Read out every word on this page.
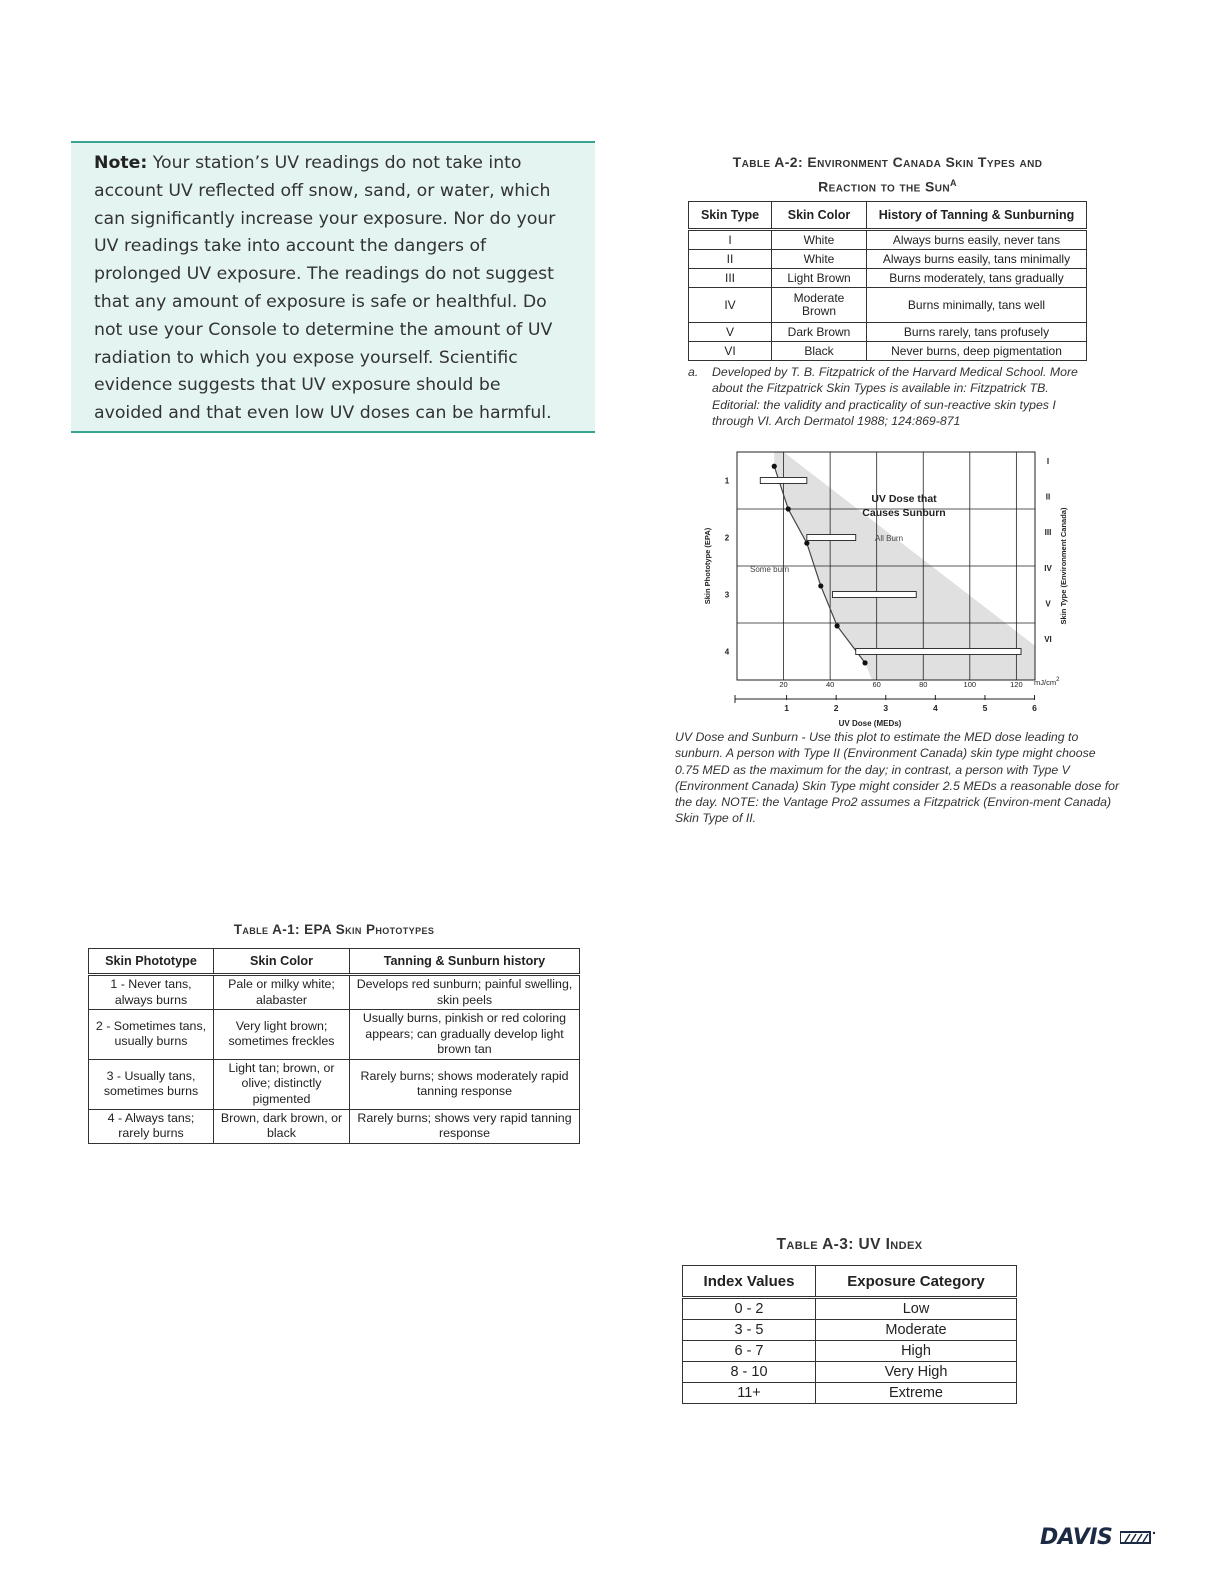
Note: Your station’s UV readings do not take into account UV reflected off snow, sand, or water, which can significantly increase your exposure. Nor do your UV readings take into account the dangers of prolonged UV exposure. The readings do not suggest that any amount of exposure is safe or healthful. Do not use your Console to determine the amount of UV radiation to which you expose yourself. Scientific evidence suggests that UV exposure should be avoided and that even low UV doses can be harmful.

Table A-2: Environment Canada Skin Types and
Reaction to the Sun$^A$
Skin Type	Skin Color	History of Tanning & Sunburning
I	White	Always burns easily, never tans
II	White	Always burns easily, tans minimally
III	Light Brown	Burns moderately, tans gradually
IV	Moderate Brown	Burns minimally, tans well
V	Dark Brown	Burns rarely, tans profusely
VI	Black	Never burns, deep pigmentation
a. Developed by T. B. Fitzpatrick of the Harvard Medical School. More about the Fitzpatrick Skin Types is available in: Fitzpatrick TB. Editorial: the validity and practicality of sun-reactive skin types I through VI. Arch Dermatol 1988; 124:869-871
20	40	60	80	100	120
1	2	3	4	5	6
1
2
3
4
I
II
III
IV
V
VI
UV Dose that Causes Sunburn
Some burn
All Burn
Skin Phototype (EPA)	Skin Type (Environment Canada)
UV Dose (MEDs)
$mJ/cm^2$
UV Dose and Sunburn - Use this plot to estimate the MED dose leading to sunburn. A person with Type II (Environment Canada) skin type might choose 0.75 MED as the maximum for the day; in contrast, a person with Type V (Environment Canada) Skin Type might consider 2.5 MEDs a reasonable dose for the day. NOTE: the Vantage Pro2 assumes a Fitzpatrick (Environ-ment Canada) Skin Type of II.
Table A-1: EPA Skin Phototypes
Skin Phototype	Skin Color	Tanning & Sunburn history
1 - Never tans, always burns	Pale or milky white; alabaster	Develops red sunburn; painful swelling, skin peels
2 - Sometimes tans, usually burns	Very light brown; sometimes freckles	Usually burns, pinkish or red coloring appears; can gradually develop light brown tan
3 - Usually tans, sometimes burns	Light tan; brown, or olive; distinctly pigmented	Rarely burns; shows moderately rapid tanning response
4 - Always tans; rarely burns	Brown, dark brown, or black	Rarely burns; shows very rapid tanning response
Table A-3: UV Index
Index Values	Exposure Category
0 - 2	Low
3 - 5	Moderate
6 - 7	High
8 - 10	Very High
11+	Extreme
DAVIS
